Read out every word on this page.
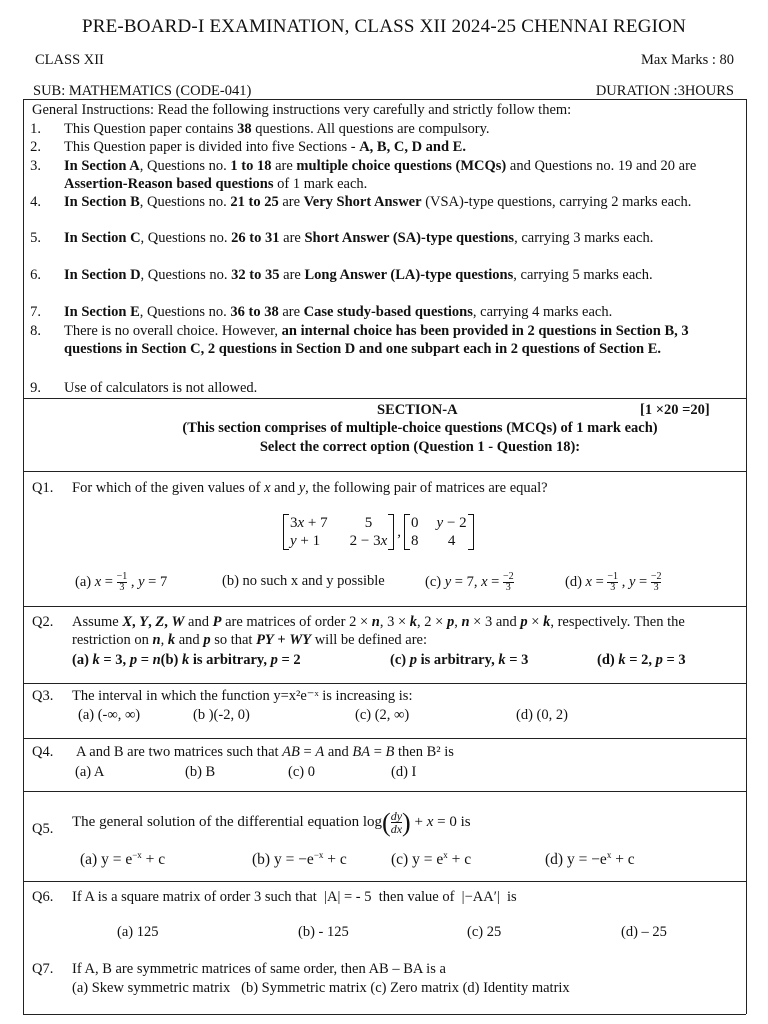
PRE-BOARD-I EXAMINATION, CLASS XII 2024-25 CHENNAI REGION
CLASS XII	Max Marks : 80
SUB: MATHEMATICS (CODE-041)	DURATION :3HOURS
General Instructions: Read the following instructions very carefully and strictly follow them:
1. This Question paper contains 38 questions. All questions are compulsory.
2. This Question paper is divided into five Sections - A, B, C, D and E.
3. In Section A, Questions no. 1 to 18 are multiple choice questions (MCQs) and Questions no. 19 and 20 are Assertion-Reason based questions of 1 mark each.
4. In Section B, Questions no. 21 to 25 are Very Short Answer (VSA)-type questions, carrying 2 marks each.
5. In Section C, Questions no. 26 to 31 are Short Answer (SA)-type questions, carrying 3 marks each.
6. In Section D, Questions no. 32 to 35 are Long Answer (LA)-type questions, carrying 5 marks each.
7. In Section E, Questions no. 36 to 38 are Case study-based questions, carrying 4 marks each.
8. There is no overall choice. However, an internal choice has been provided in 2 questions in Section B, 3 questions in Section C, 2 questions in Section D and one subpart each in 2 questions of Section E.
9. Use of calculators is not allowed.
SECTION-A	[1 ×20 =20]
(This section comprises of multiple-choice questions (MCQs) of 1 mark each)
Select the correct option (Question 1 - Question 18):
Q1. For which of the given values of x and y, the following pair of matrices are equal?
3x + 7	5
y + 1	2 − 3x
,
0 y − 2
8	4
(a) $x = \frac{-1}{3}$ , y = 7	(b) no such x and y possible	(c) y = 7, $x = \frac{-2}{3}$	(d) $x = \frac{-1}{3}$ , $y = \frac{-2}{3}$
Q2. Assume X, Y, Z, W and P are matrices of order 2 × n, 3 × k, 2 × p, n × 3 and p × k, respectively. Then the restriction on n, k and p so that PY + WY will be defined are:
(a) k = 3, p = n(b) k is arbitrary, p = 2	(c) p is arbitrary, k = 3	(d) k = 2, p = 3
Q3. The interval in which the function y=x²e⁻ˣ is increasing is:
(a) (-∞, ∞)	(b )(-2, 0)	(c) (2, ∞)	(d) (0, 2)
Q4. A and B are two matrices such that AB = A and BA = B then B² is
(a) A	(b) B	(c) 0	(d) I
Q5. The general solution of the differential equation $\log( \frac{dy}{dx}$ ) + x = 0 is
(a) $y = e^{-x} + c$	(b) $y = -e^{-x} + c$	(c) $y = e^x + c$	(d) $y = -e^x + c$
Q6. If A is a square matrix of order 3 such that  |A| = - 5  then value of  |−AA′|  is
(a) 125	(b) - 125	(c) 25	(d) – 25
Q7. If A, B are symmetric matrices of same order, then AB – BA is a
(a) Skew symmetric matrix   (b) Symmetric matrix (c) Zero matrix (d) Identity matrix
